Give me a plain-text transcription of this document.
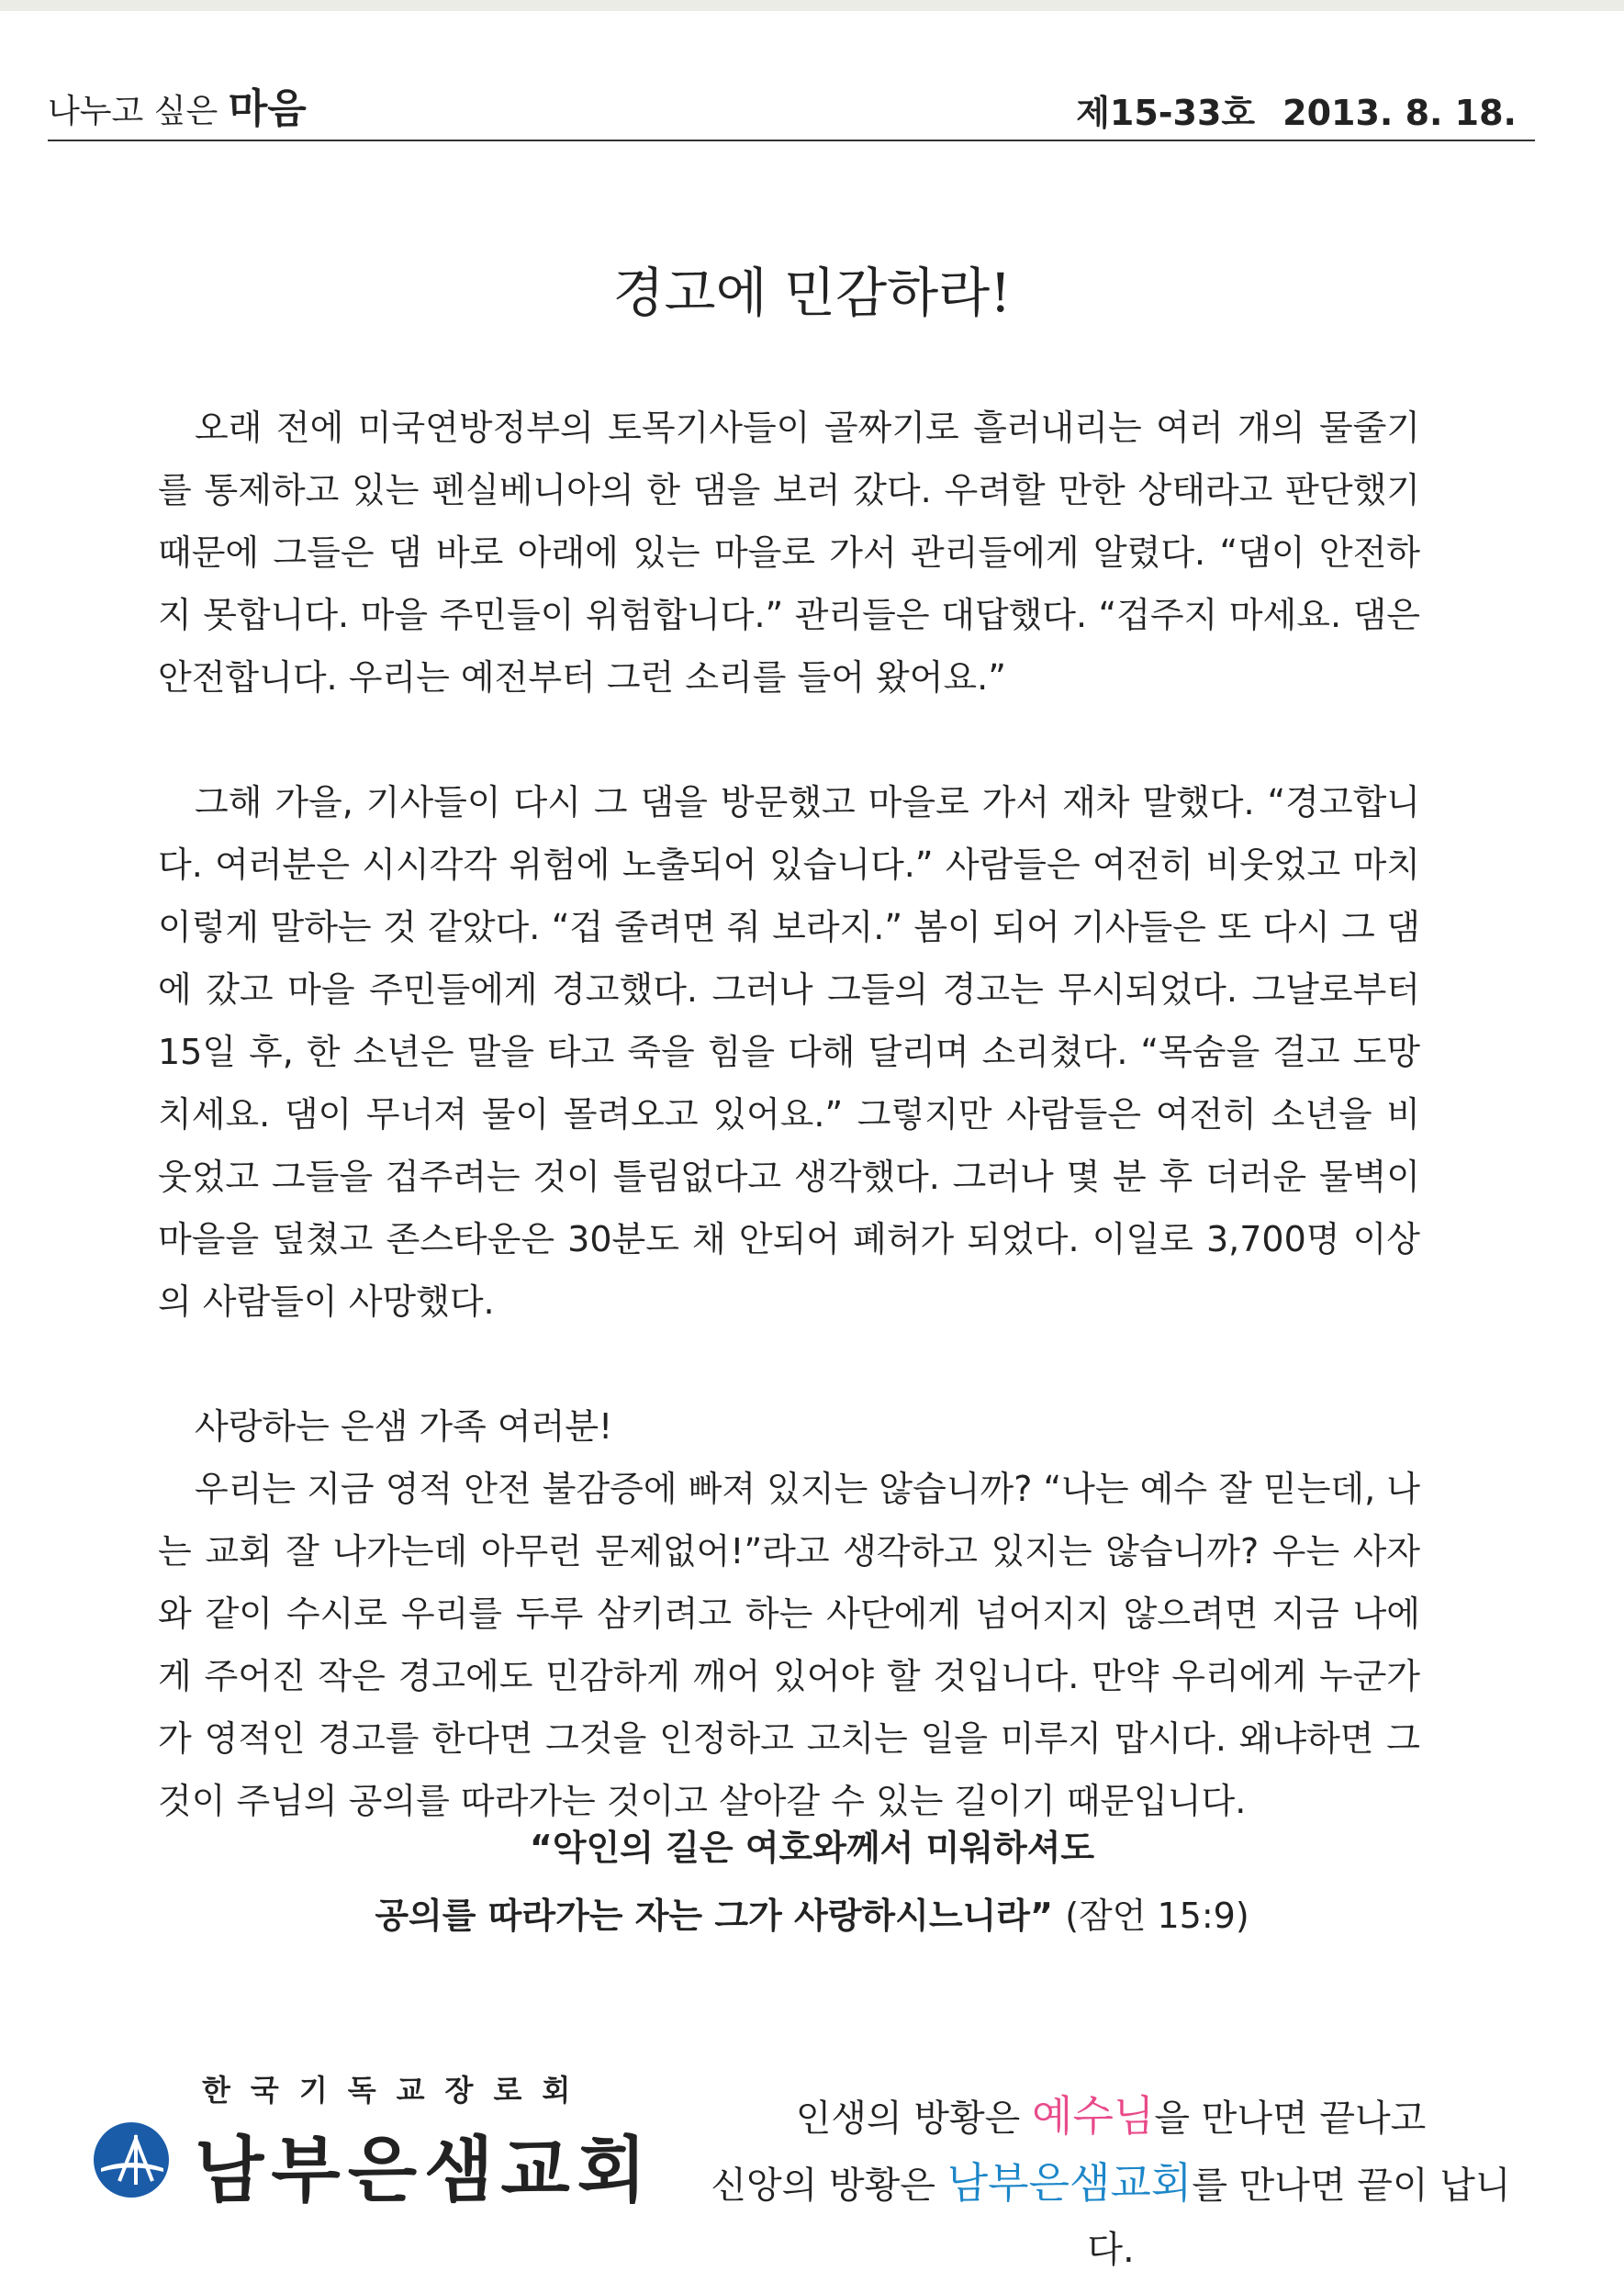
나누고 싶은 마음	제15-33호 2013. 8. 18.
경고에 민감하라!

오래 전에 미국연방정부의 토목기사들이 골짜기로 흘러내리는 여러 개의 물줄기를 통제하고 있는 펜실베니아의 한 댐을 보러 갔다. 우려할 만한 상태라고 판단했기 때문에 그들은 댐 바로 아래에 있는 마을로 가서 관리들에게 알렸다. “댐이 안전하지 못합니다. 마을 주민들이 위험합니다.” 관리들은 대답했다. “겁주지 마세요. 댐은 안전합니다. 우리는 예전부터 그런 소리를 들어 왔어요.”

그해 가을, 기사들이 다시 그 댐을 방문했고 마을로 가서 재차 말했다. “경고합니다. 여러분은 시시각각 위험에 노출되어 있습니다.” 사람들은 여전히 비웃었고 마치 이렇게 말하는 것 같았다. “겁 줄려면 줘 보라지.” 봄이 되어 기사들은 또 다시 그 댐에 갔고 마을 주민들에게 경고했다. 그러나 그들의 경고는 무시되었다. 그날로부터 15일 후, 한 소년은 말을 타고 죽을 힘을 다해 달리며 소리쳤다. “목숨을 걸고 도망치세요. 댐이 무너져 물이 몰려오고 있어요.” 그렇지만 사람들은 여전히 소년을 비웃었고 그들을 겁주려는 것이 틀림없다고 생각했다. 그러나 몇 분 후 더러운 물벽이 마을을 덮쳤고 존스타운은 30분도 채 안되어 폐허가 되었다. 이일로 3,700명 이상의 사람들이 사망했다.

사랑하는 은샘 가족 여러분!

우리는 지금 영적 안전 불감증에 빠져 있지는 않습니까? “나는 예수 잘 믿는데, 나는 교회 잘 나가는데 아무런 문제없어!”라고 생각하고 있지는 않습니까? 우는 사자와 같이 수시로 우리를 두루 삼키려고 하는 사단에게 넘어지지 않으려면 지금 나에게 주어진 작은 경고에도 민감하게 깨어 있어야 할 것입니다. 만약 우리에게 누군가가 영적인 경고를 한다면 그것을 인정하고 고치는 일을 미루지 맙시다. 왜냐하면 그것이 주님의 공의를 따라가는 것이고 살아갈 수 있는 길이기 때문입니다.

“악인의 길은 여호와께서 미워하셔도
공의를 따라가는 자는 그가 사랑하시느니라” (잠언 15:9)
한국기독교장로회
남부은샘교회
인생의 방황은 예수님을 만나면 끝나고
신앙의 방황은 남부은샘교회를 만나면 끝이 납니다.
